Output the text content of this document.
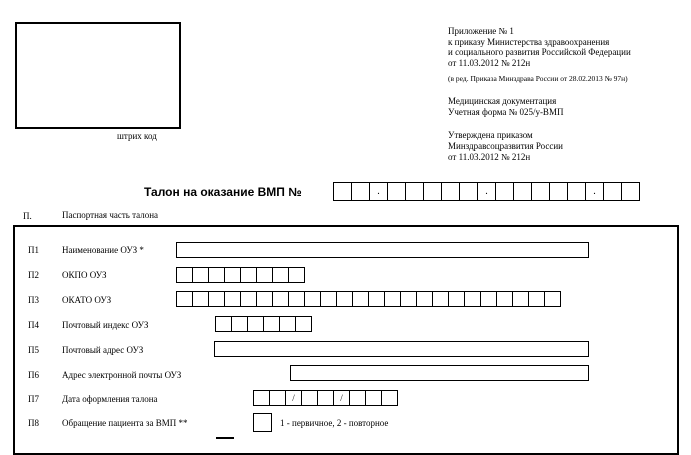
штрих код
Приложение № 1
к приказу Министерства здравоохранения
и социального развития Российской Федерации
от 11.03.2012 № 212н
(в ред. Приказа Минздрава России от 28.02.2013 № 97н)
Медицинская документация
Учетная форма № 025/у-ВМП
Утверждена приказом
Минздравсоцразвития России
от 11.03.2012 № 212н
Талон на оказание ВМП №	.	.	.
П.	Паспортная часть талона
П1	Наименование ОУЗ *
П2	ОКПО ОУЗ
П3	ОКАТО ОУЗ
П4	Почтовый индекс ОУЗ
П5	Почтовый адрес ОУЗ
П6	Адрес электронной почты ОУЗ
П7	Дата оформления талона	/	/
П8	Обращение пациента за ВМП **	1 - первичное, 2 - повторное
